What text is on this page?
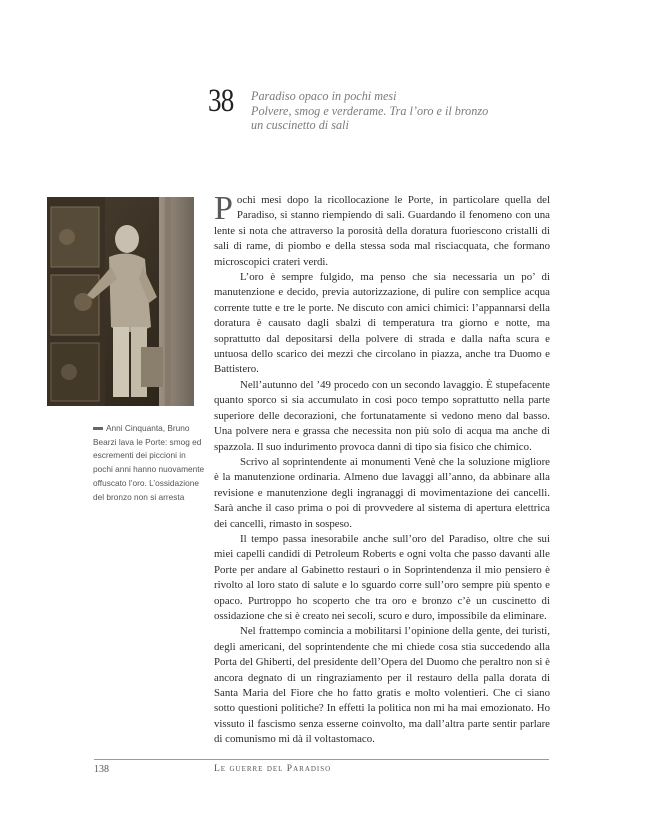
38 Paradiso opaco in pochi mesi
Polvere, smog e verderame. Tra l’oro e il bronzo
un cuscinetto di sali
Anni Cinquanta, Bruno Bearzi lava le Porte: smog ed escrementi dei piccioni in pochi anni hanno nuovamente offuscato l’oro. L’ossidazione del bronzo non si arresta

Pochi mesi dopo la ricollocazione le Porte, in particolare quella del Paradiso, si stanno riempiendo di sali. Guardando il fenomeno con una lente si nota che attraverso la porosità della doratura fuoriescono cristalli di sali di rame, di piombo e della stessa soda mal risciacquata, che formano microscopici crateri verdi.

L’oro è sempre fulgido, ma penso che sia necessaria un po’ di manutenzione e decido, previa autorizzazione, di pulire con semplice acqua corrente tutte e tre le porte. Ne discuto con amici chimici: l’appannarsi della doratura è causato dagli sbalzi di temperatura tra giorno e notte, ma soprattutto dal depositarsi della polvere di strada e dalla nafta scura e untuosa dello scarico dei mezzi che circolano in piazza, anche tra Duomo e Battistero.

Nell’autunno del ’49 procedo con un secondo lavaggio. È stupefacente quanto sporco si sia accumulato in così poco tempo soprattutto nella parte superiore delle decorazioni, che fortunatamente si vedono meno dal basso. Una polvere nera e grassa che necessita non più solo di acqua ma anche di spazzola. Il suo indurimento provoca danni di tipo sia fisico che chimico.

Scrivo al soprintendente ai monumenti Venè che la soluzione migliore è la manutenzione ordinaria. Almeno due lavaggi all’anno, da abbinare alla revisione e manutenzione degli ingranaggi di movimentazione dei cancelli. Sarà anche il caso prima o poi di provvedere al sistema di apertura elettrica dei cancelli, rimasto in sospeso.

Il tempo passa inesorabile anche sull’oro del Paradiso, oltre che sui miei capelli candidi di Petroleum Roberts e ogni volta che passo davanti alle Porte per andare al Gabinetto restauri o in Soprintendenza il mio pensiero è rivolto al loro stato di salute e lo sguardo corre sull’oro sempre più spento e opaco. Purtroppo ho scoperto che tra oro e bronzo c’è un cuscinetto di ossidazione che si è creato nei secoli, scuro e duro, impossibile da eliminare.

Nel frattempo comincia a mobilitarsi l’opinione della gente, dei turisti, degli americani, del soprintendente che mi chiede cosa stia succedendo alla Porta del Ghiberti, del presidente dell’Opera del Duomo che peraltro non si è ancora degnato di un ringraziamento per il restauro della palla dorata di Santa Maria del Fiore che ho fatto gratis e molto volentieri. Che ci siano sotto questioni politiche? In effetti la politica non mi ha mai emozionato. Ho vissuto il fascismo senza esserne coinvolto, ma dall’altra parte sentir parlare di comunismo mi dà il voltastomaco.

138	Le guerre del Paradiso
